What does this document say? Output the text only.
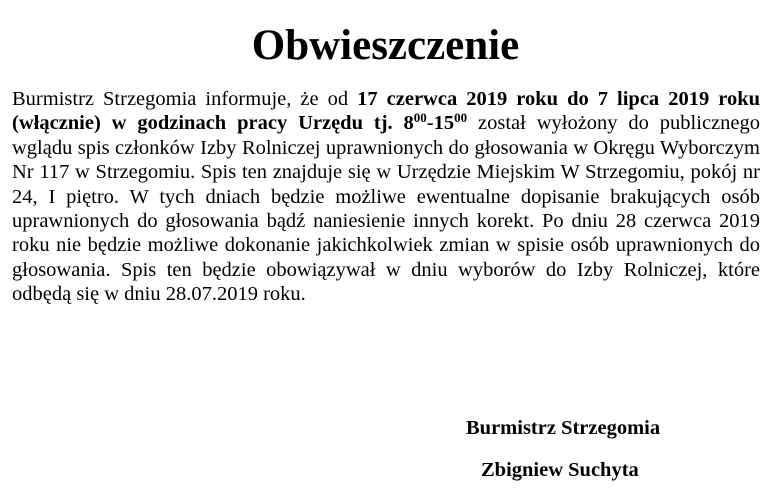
Obwieszczenie

Burmistrz Strzegomia informuje, że od 17 czerwca 2019 roku do 7 lipca 2019 roku (włącznie) w godzinach pracy Urzędu tj. $8^{00}-15^{00}$ został wyłożony do publicznego wglądu spis członków Izby Rolniczej uprawnionych do głosowania w Okręgu Wyborczym Nr 117 w Strzegomiu. Spis ten znajduje się w Urzędzie Miejskim W Strzegomiu, pokój nr 24, I piętro. W tych dniach będzie możliwe ewentualne dopisanie brakujących osób uprawnionych do głosowania bądź naniesienie innych korekt. Po dniu 28 czerwca 2019 roku nie będzie możliwe dokonanie jakichkolwiek zmian w spisie osób uprawnionych do głosowania. Spis ten będzie obowiązywał w dniu wyborów do Izby Rolniczej, które odbędą się w dniu 28.07.2019 roku.

Burmistrz Strzegomia

Zbigniew Suchyta
